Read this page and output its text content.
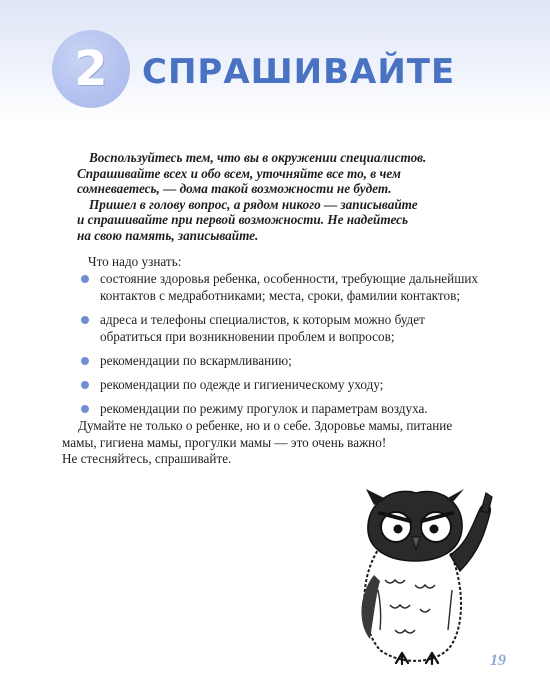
2 СПРАШИВАЙТЕ

Воспользуйтесь тем, что вы в окружении специалистов.
Спрашивайте всех и обо всем, уточняйте все то, в чем
сомневаетесь, — дома такой возможности не будет.

Пришел в голову вопрос, а рядом никого — записывайте
и спрашивайте при первой возможности. Не надейтесь
на свою память, записывайте.

Что надо узнать:
состояние здоровья ребенка, особенности, требующие дальнейших
контактов с медработниками; места, сроки, фамилии контактов;
адреса и телефоны специалистов, к которым можно будет
обратиться при возникновении проблем и вопросов;
рекомендации по вскармливанию;
рекомендации по одежде и гигиеническому уходу;
рекомендации по режиму прогулок и параметрам воздуха.

Думайте не только о ребенке, но и о себе. Здоровье мамы, питание

мамы, гигиена мамы, прогулки мамы — это очень важно!

Не стесняйтесь, спрашивайте.

19
